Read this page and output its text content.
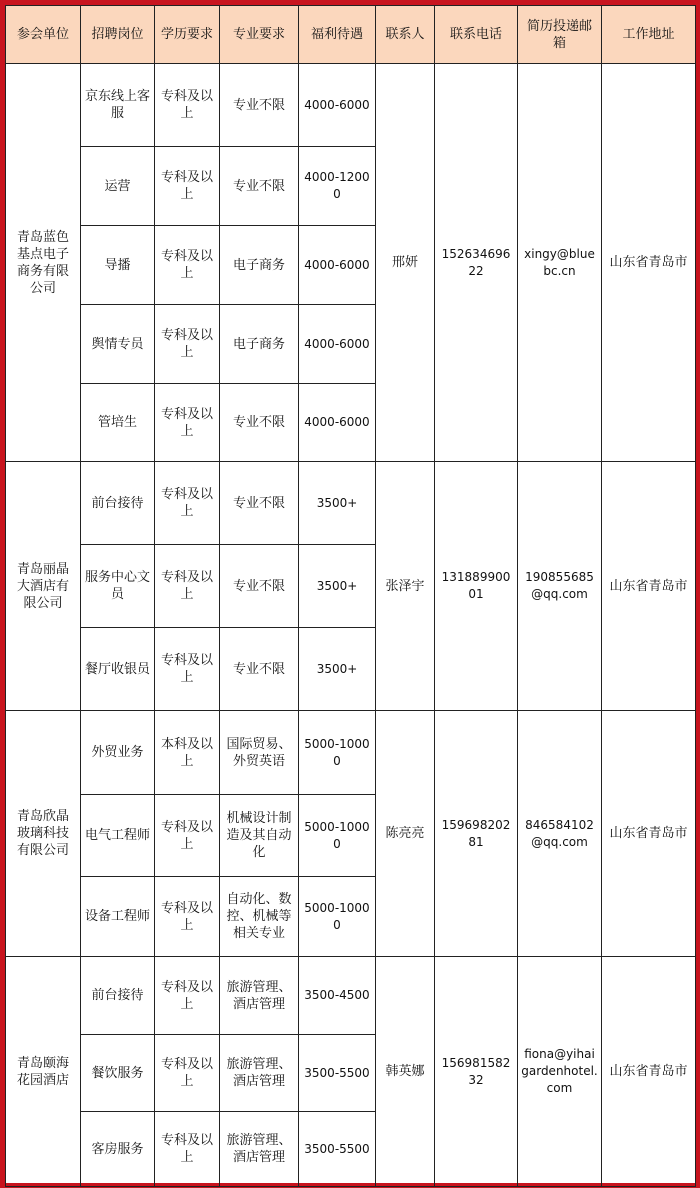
参会单位	招聘岗位	学历要求	专业要求	福利待遇	联系人	联系电话	简历投递邮箱	工作地址
青岛蓝色基点电子商务有限公司	京东线上客服	专科及以上	专业不限	4000-6000	邢妍	15263469622	xingy@bluebc.cn	山东省青岛市
	运营	专科及以上	专业不限	4000-12000				
	导播	专科及以上	电子商务	4000-6000				
	舆情专员	专科及以上	电子商务	4000-6000				
	管培生	专科及以上	专业不限	4000-6000				
青岛丽晶大酒店有限公司	前台接待	专科及以上	专业不限	3500+	张泽宇	13188990001	190855685@qq.com	山东省青岛市
	服务中心文员	专科及以上	专业不限	3500+				
	餐厅收银员	专科及以上	专业不限	3500+				
青岛欣晶玻璃科技有限公司	外贸业务	本科及以上	国际贸易、外贸英语	5000-10000	陈亮亮	15969820281	846584102@qq.com	山东省青岛市
	电气工程师	专科及以上	机械设计制造及其自动化	5000-10000				
	设备工程师	专科及以上	自动化、数控、机械等相关专业	5000-10000				
青岛颐海花园酒店	前台接待	专科及以上	旅游管理、酒店管理	3500-4500	韩英娜	15698158232	fiona@yihaigardenhotel.com	山东省青岛市
	餐饮服务	专科及以上	旅游管理、酒店管理	3500-5500				
	客房服务	专科及以上	旅游管理、酒店管理	3500-5500				
